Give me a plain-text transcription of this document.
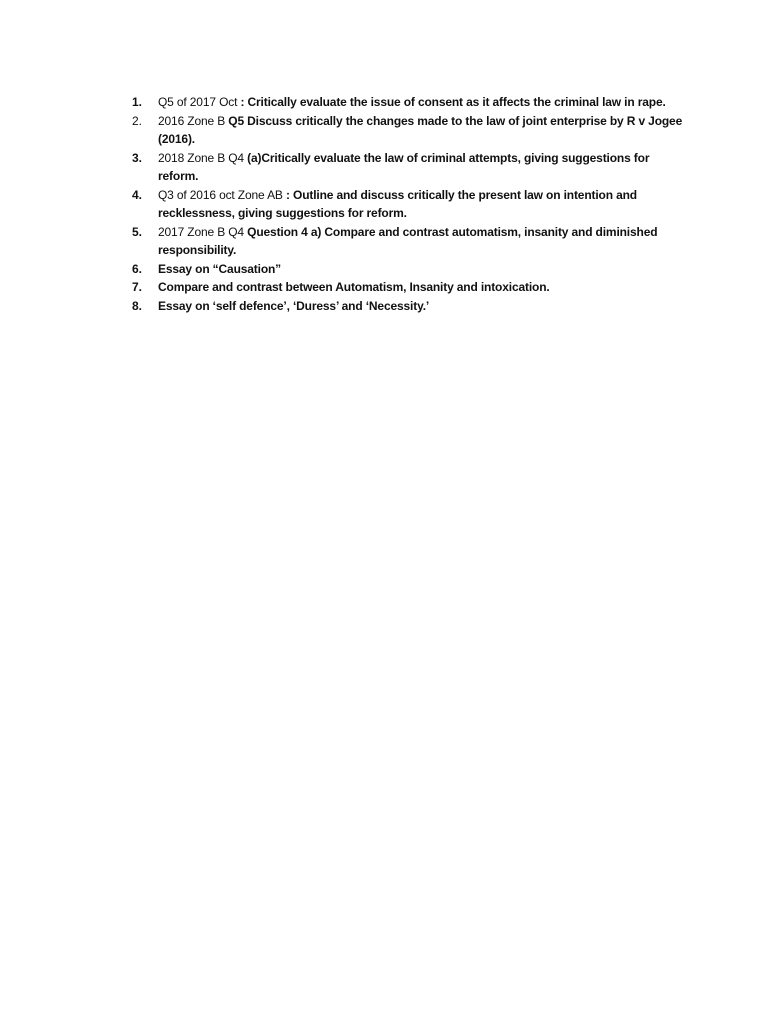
1.	Q5 of 2017 Oct : Critically evaluate the issue of consent as it affects the criminal law in rape.
2.	2016 Zone B Q5 Discuss critically the changes made to the law of joint enterprise by R v Jogee (2016).
3.	2018 Zone B Q4 (a)Critically evaluate the law of criminal attempts, giving suggestions for reform.
4.	Q3 of 2016 oct Zone AB : Outline and discuss critically the present law on intention and recklessness, giving suggestions for reform.
5.	2017 Zone B Q4 Question 4 a) Compare and contrast automatism, insanity and diminished responsibility.
6.	Essay on “Causation”
7.	Compare and contrast between Automatism, Insanity and intoxication.
8.	Essay on ‘self defence’, ‘Duress’ and ‘Necessity.’
